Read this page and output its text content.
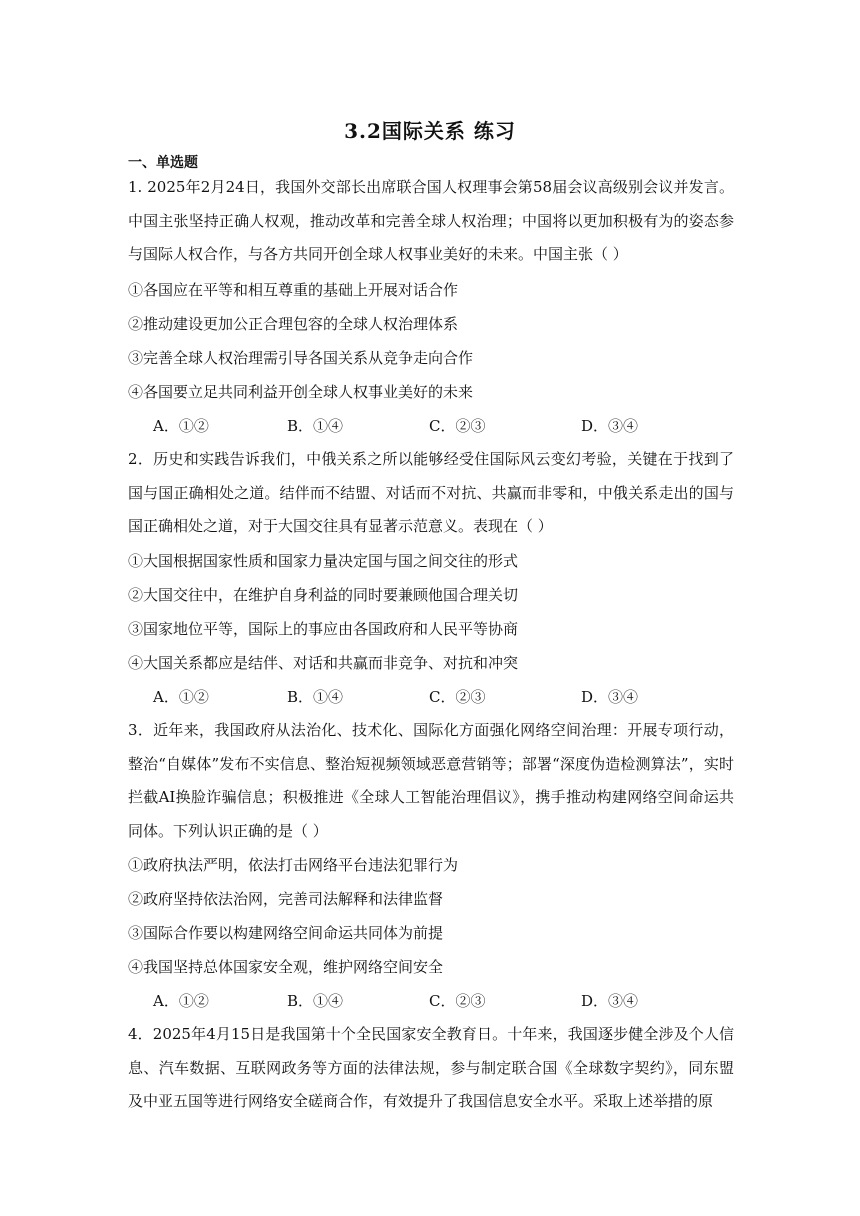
3.2国际关系 练习
一、单选题
1. 2025年2月24日，我国外交部长出席联合国人权理事会第58届会议高级别会议并发言。中国主张坚持正确人权观，推动改革和完善全球人权治理；中国将以更加积极有为的姿态参与国际人权合作，与各方共同开创全球人权事业美好的未来。中国主张（ ）
①各国应在平等和相互尊重的基础上开展对话合作
②推动建设更加公正合理包容的全球人权治理体系
③完善全球人权治理需引导各国关系从竞争走向合作
④各国要立足共同利益开创全球人权事业美好的未来
A．①②	B．①④	C．②③	D．③④
2．历史和实践告诉我们，中俄关系之所以能够经受住国际风云变幻考验，关键在于找到了国与国正确相处之道。结伴而不结盟、对话而不对抗、共赢而非零和，中俄关系走出的国与国正确相处之道，对于大国交往具有显著示范意义。表现在（ ）
①大国根据国家性质和国家力量决定国与国之间交往的形式
②大国交往中，在维护自身利益的同时要兼顾他国合理关切
③国家地位平等，国际上的事应由各国政府和人民平等协商
④大国关系都应是结伴、对话和共赢而非竞争、对抗和冲突
A．①②	B．①④	C．②③	D．③④
3．近年来，我国政府从法治化、技术化、国际化方面强化网络空间治理：开展专项行动，整治“自媒体”发布不实信息、整治短视频领域恶意营销等；部署“深度伪造检测算法”，实时拦截AI换脸诈骗信息；积极推进《全球人工智能治理倡议》，携手推动构建网络空间命运共同体。下列认识正确的是（ ）
①政府执法严明，依法打击网络平台违法犯罪行为
②政府坚持依法治网，完善司法解释和法律监督
③国际合作要以构建网络空间命运共同体为前提
④我国坚持总体国家安全观，维护网络空间安全
A．①②	B．①④	C．②③	D．③④
4．2025年4月15日是我国第十个全民国家安全教育日。十年来，我国逐步健全涉及个人信息、汽车数据、互联网政务等方面的法律法规，参与制定联合国《全球数字契约》，同东盟及中亚五国等进行网络安全磋商合作，有效提升了我国信息安全水平。采取上述举措的原
